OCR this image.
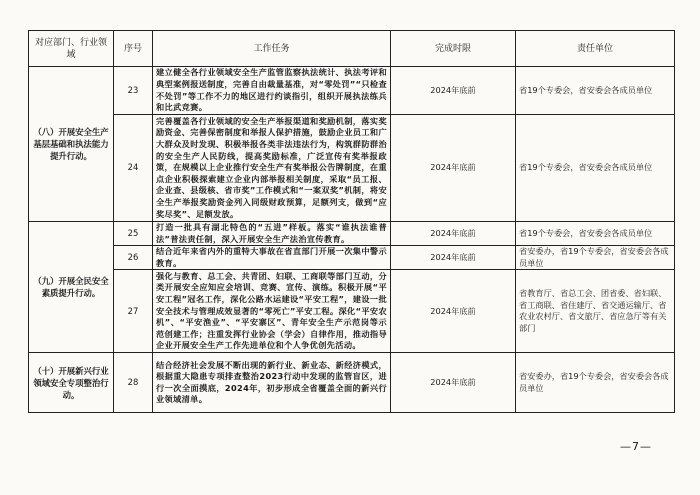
对应部门、行业领域	序号	工作任务	完成时限	责任单位
（八）开展安全生产基层基础和执法能力提升行动。	23	建立健全各行业领域安全生产监管监察执法统计、执法考评和典型案例报送制度，完善自由裁量基准，对“零处罚”“只检查不处罚”等工作不力的地区进行约谈指引，组织开展执法练兵和比武竞赛。	2024年底前	省19个专委会，省安委会各成员单位
	24	完善覆盖各行业领域的安全生产举报渠道和奖励机制，落实奖励资金、完善保密制度和举报人保护措施，鼓励企业员工和广大群众及时发现、积极举报各类非法违法行为，构筑群防群治的安全生产人民防线，提高奖励标准，广泛宣传有奖举报政策，在规模以上企业推行安全生产有奖举报公告牌制度，在重点企业积极探索建立企业内部举报相关制度，采取“员工报、企业查、县级核、省市奖”工作模式和“一案双奖”机制，将安全生产举报奖励资金列入同级财政预算，足额列支，做到“应奖尽奖”、足额发放。	2024年底前	省19个专委会，省安委会各成员单位
（九）开展全民安全素质提升行动。	25	打造一批具有湖北特色的“五进”样板。落实“谁执法谁普法”普法责任制，深入开展安全生产法治宣传教育。	2024年底前	省19个专委会，省安委会各成员单位
	26	结合近年来省内外的重特大事故在省直部门开展一次集中警示教育。	2024年底前	省安委办，省19个专委会，省安委会各成员单位
	27	强化与教育、总工会、共青团、妇联、工商联等部门互动，分类开展安全应知应会培训、竞赛、宣传、演练。积极开展“平安工程”冠名工作，深化公路水运建设“平安工程”，建设一批安全技术与管理成效显著的“零死亡”平安工程。深化“平安农机”、“平安渔业”、“平安寨区”、青年安全生产示范岗等示范创建工作；注重发挥行业协会（学会）自律作用，推动指导企业开展安全生产工作先进单位和个人争优创先活动。	2024年底前	省教育厅、省总工会、团省委、省妇联、省工商联、省住建厅、省交通运输厅、省农业农村厅、省文旅厅、省应急厅等有关部门
（十）开展新兴行业领域安全专项整治行动。	28	结合经济社会发展不断出现的新行业、新业态、新经济模式，根据重大隐患专项排查整治2023行动中发现的监管盲区，进行一次全面摸底，2024年，初步形成全省覆盖全面的新兴行业领域清单。	2024年底前	省安委办，省19个专委会，省安委会各成员单位
—7—
